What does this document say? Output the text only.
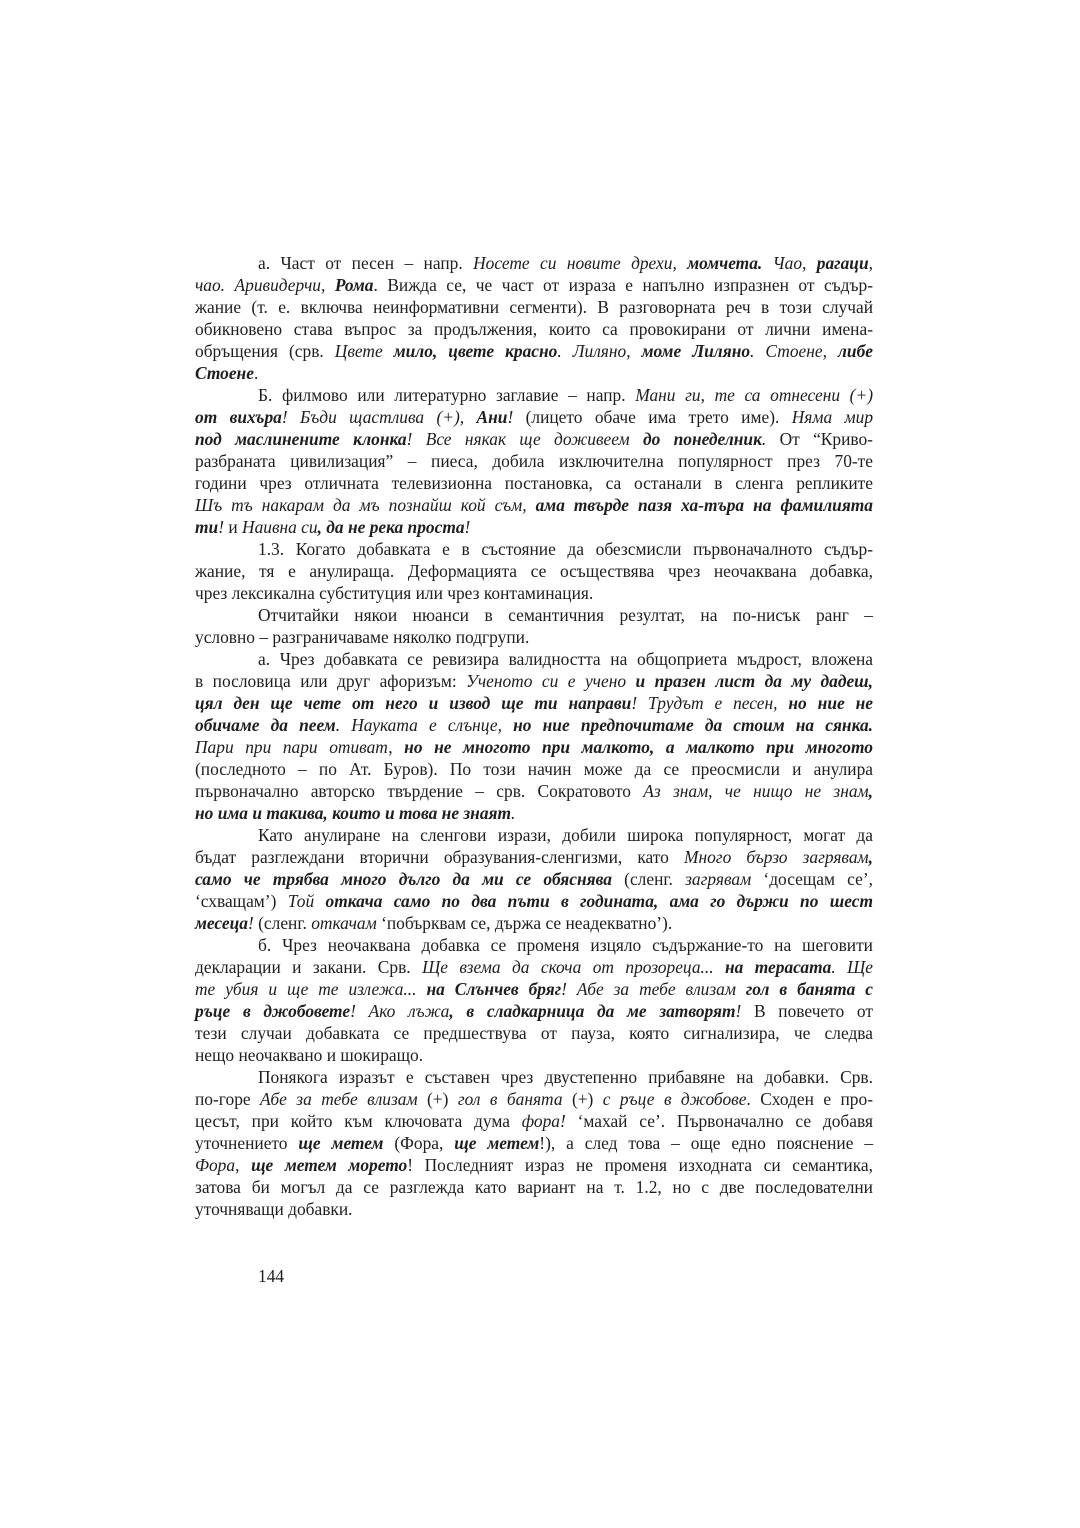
а. Част от песен – напр. Носете си новите дрехи, момчета. Чао, рагаци,
чао. Аривидерчи, Рома. Вижда се, че част от израза е напълно изпразнен от съдър-
жание (т. е. включва неинформативни сегменти). В разговорната реч в този случай
обикновено става въпрос за продължения, които са провокирани от лични имена-
обръщения (срв. Цвете мило, цвете красно. Лиляно, моме Лиляно. Стоене, либе
Стоене.
Б. филмово или литературно заглавие – напр. Мани ги, те са отнесени (+)
от вихъра! Бъди щастлива (+), Ани! (лицето обаче има трето име). Няма мир
под маслинените клонка! Все някак ще доживеем до понеделник. От “Криво-
разбраната цивилизация” – пиеса, добила изключителна популярност през 70-те
години чрез отличната телевизионна постановка, са останали в сленга репликите
Шъ тъ накарам да мъ познайш кой съм, ама твърде пазя ха-търа на фамилията
ти! и Наивна си, да не река проста!
1.3. Когато добавката е в състояние да обезсмисли първоначалното съдър-
жание, тя е анулираща. Деформацията се осъществява чрез неочаквана добавка,
чрез лексикална субституция или чрез контаминация.
Отчитайки някои нюанси в семантичния резултат, на по-нисък ранг –
условно – разграничаваме няколко подгрупи.
а. Чрез добавката се ревизира валидността на общоприета мъдрост, вложена
в пословица или друг афоризъм: Ученото си е учено и празен лист да му дадеш,
цял ден ще чете от него и извод ще ти направи! Трудът е песен, но ние не
обичаме да пеем. Науката е слънце, но ние предпочитаме да стоим на сянка.
Пари при пари отиват, но не многото при малкото, а малкото при многото
(последното – по Ат. Буров). По този начин може да се преосмисли и анулира
първоначално авторско твърдение – срв. Сократовото Аз знам, че нищо не знам,
но има и такива, които и това не знаят.
Като анулиране на сленгови изрази, добили широка популярност, могат да
бъдат разглеждани вторични образувания-сленгизми, като Много бързо загрявам,
само че трябва много дълго да ми се обяснява (сленг. загрявам ‘досещам се’,
‘схващам’) Той откача само по два пъти в годината, ама го държи по шест
месеца! (сленг. откачам ‘побърквам се, държа се неадекватно’).
б. Чрез неочаквана добавка се променя изцяло съдържание-то на шеговити
декларации и закани. Срв. Ще взема да скоча от прозореца... на терасата. Ще
те убия и ще те излежа... на Слънчев бряг! Абе за тебе влизам гол в банята с
ръце в джобовете! Ако лъжа, в сладкарница да ме затворят! В повечето от
тези случаи добавката се предшествува от пауза, която сигнализира, че следва
нещо неочаквано и шокиращо.
Понякога изразът е съставен чрез двустепенно прибавяне на добавки. Срв.
по-горе Абе за тебе влизам (+) гол в банята (+) с ръце в джобове. Сходен е про-
цесът, при който към ключовата дума фора! ‘махай се’. Първоначално се добавя
уточнението ще метем (Фора, ще метем!), а след това – още едно пояснение –
Фора, ще метем морето! Последният израз не променя изходната си семантика,
затова би могъл да се разглежда като вариант на т. 1.2, но с две последователни
уточняващи добавки.
144
